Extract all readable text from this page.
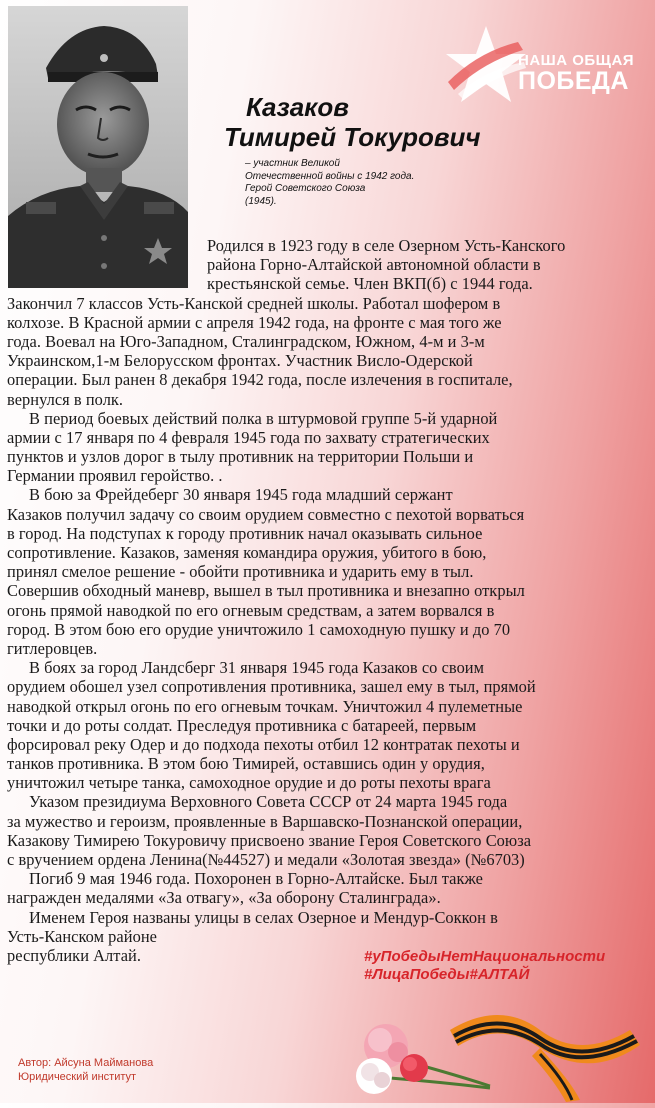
НАША ОБЩАЯ
ПОБЕДА
Казаков
Тимирей Токурович
– участник Великой
Отечественной войны с 1942 года.
Герой Советского Союза
(1945).
Родился в 1923 году в селе Озерном Усть-Канского
района Горно-Алтайской автономной области в
крестьянской семье. Член ВКП(б) с 1944 года.
Закончил 7 классов Усть-Канской средней школы. Работал шофером в
колхозе. В Красной армии с апреля 1942 года, на фронте с мая того же
года. Воевал на Юго-Западном, Сталинградском, Южном, 4-м и 3-м
Украинском,1-м Белорусском фронтах. Участник Висло-Одерской
операции. Был ранен 8 декабря 1942 года, после излечения в госпитале,
вернулся в полк.
В период боевых действий полка в штурмовой группе 5-й ударной
армии с 17 января по 4 февраля 1945 года по захвату стратегических
пунктов и узлов дорог в тылу противник на территории Польши и
Германии проявил геройство. .
В бою за Фрейдеберг 30 января 1945 года младший сержант
Казаков получил задачу со своим орудием совместно с пехотой ворваться
в город. На подступах к городу противник начал оказывать сильное
сопротивление. Казаков, заменяя командира оружия, убитого в бою,
принял смелое решение - обойти противника и ударить ему в тыл.
Совершив обходный маневр, вышел в тыл противника и внезапно открыл
огонь прямой наводкой по его огневым средствам, а затем ворвался в
город. В этом бою его орудие уничтожило 1 самоходную пушку и до 70
гитлеровцев.
В боях за город Ландсберг 31 января 1945 года Казаков со своим
орудием обошел узел сопротивления противника, зашел ему в тыл, прямой
наводкой открыл огонь по его огневым точкам. Уничтожил 4 пулеметные
точки и до роты солдат. Преследуя противника с батареей, первым
форсировал реку Одер и до подхода пехоты отбил 12 контратак пехоты и
танков противника. В этом бою Тимирей, оставшись один у орудия,
уничтожил четыре танка, самоходное орудие и до роты пехоты врага
Указом президиума Верховного Совета СССР от 24 марта 1945 года
за мужество и героизм, проявленные в Варшавско-Познанской операции,
Казакову Тимирею Токуровичу присвоено звание Героя Советского Союза
с вручением ордена Ленина(№44527) и медали «Золотая звезда» (№6703)
Погиб 9 мая 1946 года. Похоронен в Горно-Алтайске. Был также
награжден медалями «За отвагу», «За оборону Сталинграда».
Именем Героя названы улицы в селах Озерное и Мендур-Соккон в
Усть-Канском районе
республики Алтай.	#уПобедыНетНациональности
#ЛицаПобеды#АЛТАЙ
Автор: Айсуна Майманова
Юридический институт
